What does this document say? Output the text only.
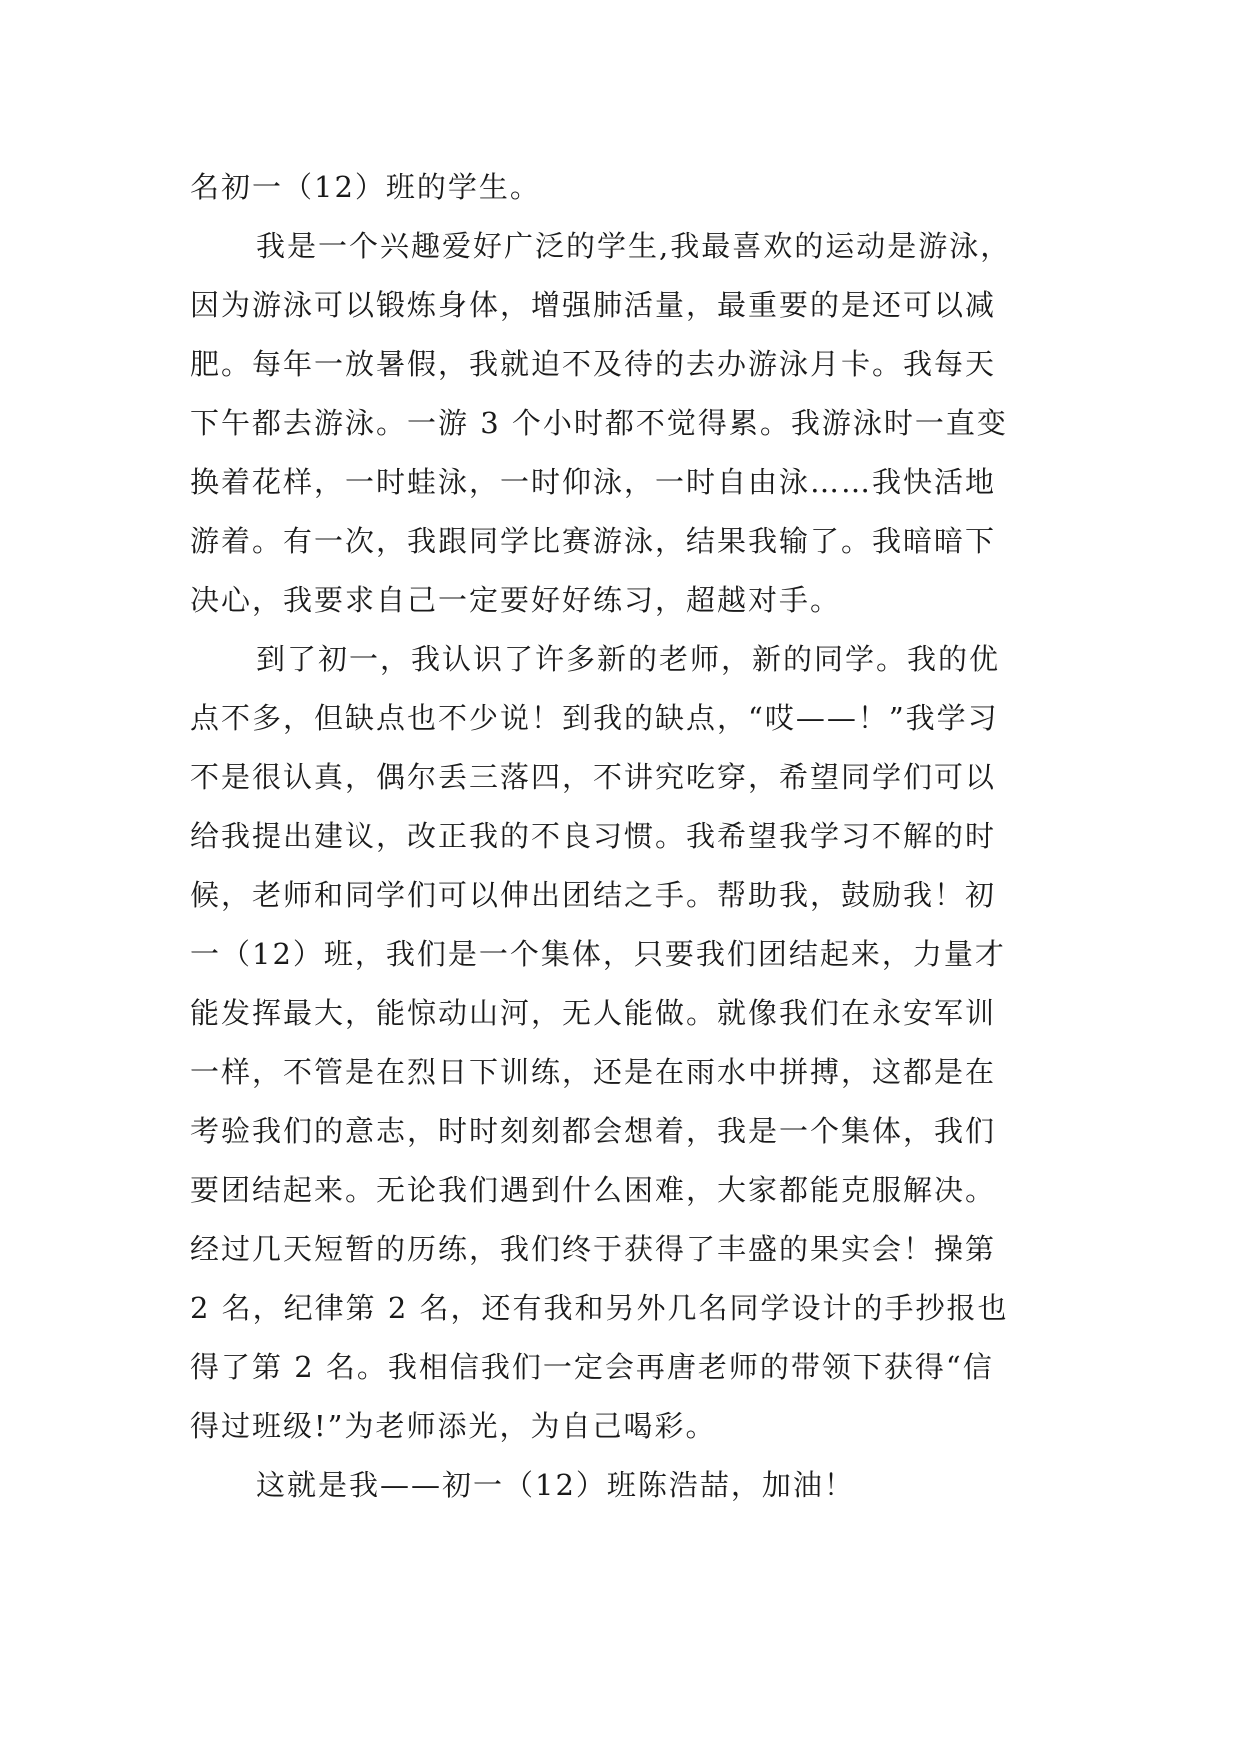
名初一（12）班的学生。
我是一个兴趣爱好广泛的学生,我最喜欢的运动是游泳，
因为游泳可以锻炼身体，增强肺活量，最重要的是还可以减
肥。每年一放暑假，我就迫不及待的去办游泳月卡。我每天
下午都去游泳。一游 3 个小时都不觉得累。我游泳时一直变
换着花样，一时蛙泳，一时仰泳，一时自由泳……我快活地
游着。有一次，我跟同学比赛游泳，结果我输了。我暗暗下
决心，我要求自己一定要好好练习，超越对手。
到了初一，我认识了许多新的老师，新的同学。我的优
点不多，但缺点也不少说！到我的缺点，“哎——！”我学习
不是很认真，偶尔丢三落四，不讲究吃穿，希望同学们可以
给我提出建议，改正我的不良习惯。我希望我学习不解的时
候，老师和同学们可以伸出团结之手。帮助我，鼓励我！初
一（12）班，我们是一个集体，只要我们团结起来，力量才
能发挥最大，能惊动山河，无人能做。就像我们在永安军训
一样，不管是在烈日下训练，还是在雨水中拼搏，这都是在
考验我们的意志，时时刻刻都会想着，我是一个集体，我们
要团结起来。无论我们遇到什么困难，大家都能克服解决。
经过几天短暂的历练，我们终于获得了丰盛的果实会！操第
2 名，纪律第 2 名，还有我和另外几名同学设计的手抄报也
得了第 2 名。我相信我们一定会再唐老师的带领下获得“信
得过班级!”为老师添光，为自己喝彩。
这就是我——初一（12）班陈浩喆，加油！
